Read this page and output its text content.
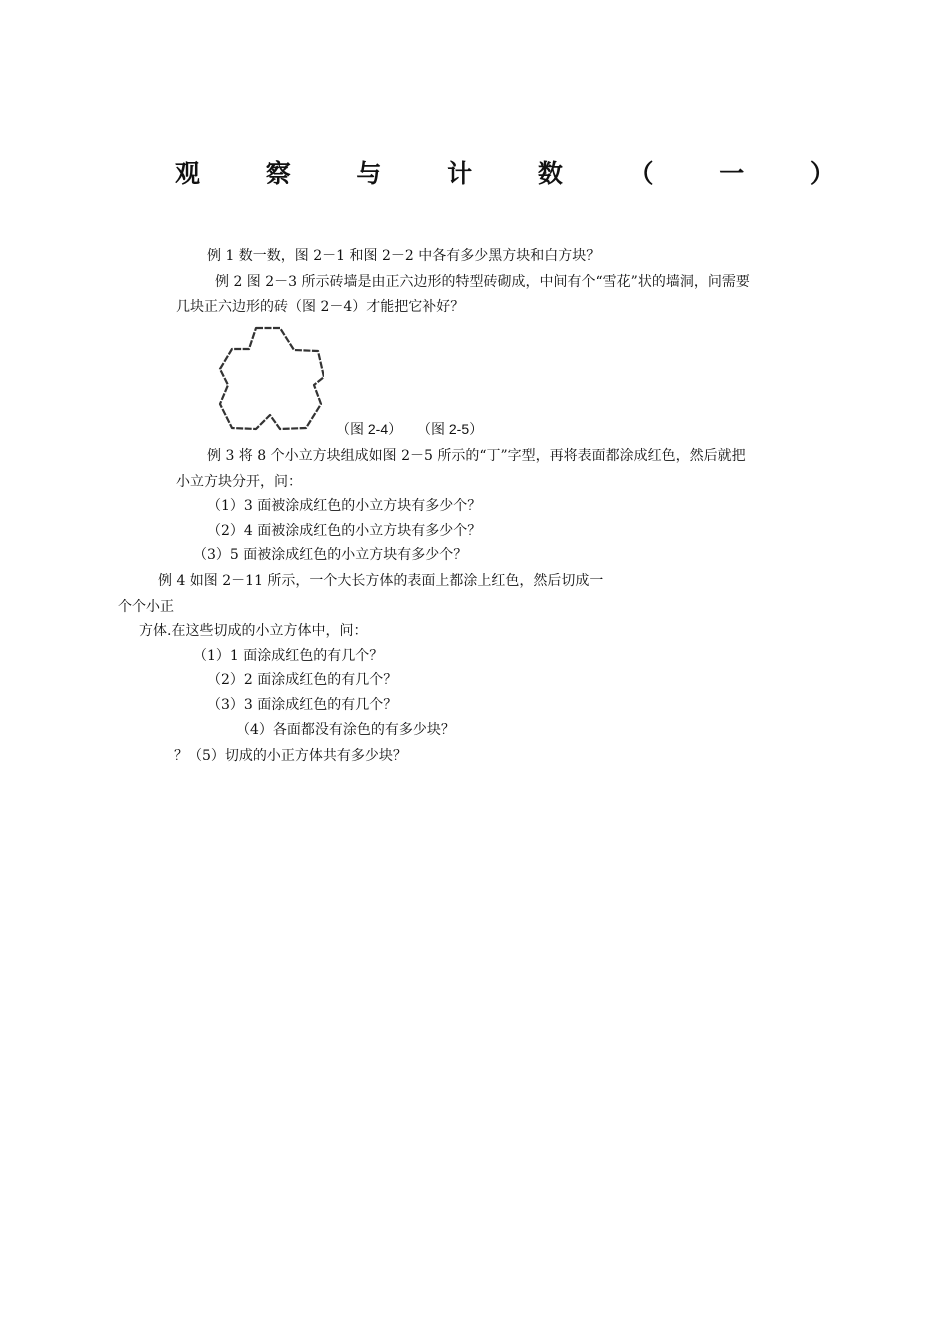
观	察	与	计	数	（	一	）
例 1 数一数，图 2－1 和图 2－2 中各有多少黑方块和白方块？
例 2 图 2－3 所示砖墙是由正六边形的特型砖砌成，中间有个“雪花”状的墙洞，问需要
几块正六边形的砖（图 2－4）才能把它补好？
（图 2-4） （图 2-5）
例 3 将 8 个小立方块组成如图 2－5 所示的“丁”字型，再将表面都涂成红色，然后就把
小立方块分开，问：
（1）3 面被涂成红色的小立方块有多少个？
（2）4 面被涂成红色的小立方块有多少个？
（3）5 面被涂成红色的小立方块有多少个？
例 4 如图 2－11 所示，一个大长方体的表面上都涂上红色，然后切成一
个个小正
方体.在这些切成的小立方体中，问：
（1）1 面涂成红色的有几个？
（2）2 面涂成红色的有几个？
（3）3 面涂成红色的有几个？
（4）各面都没有涂色的有多少块？
？（5）切成的小正方体共有多少块？
